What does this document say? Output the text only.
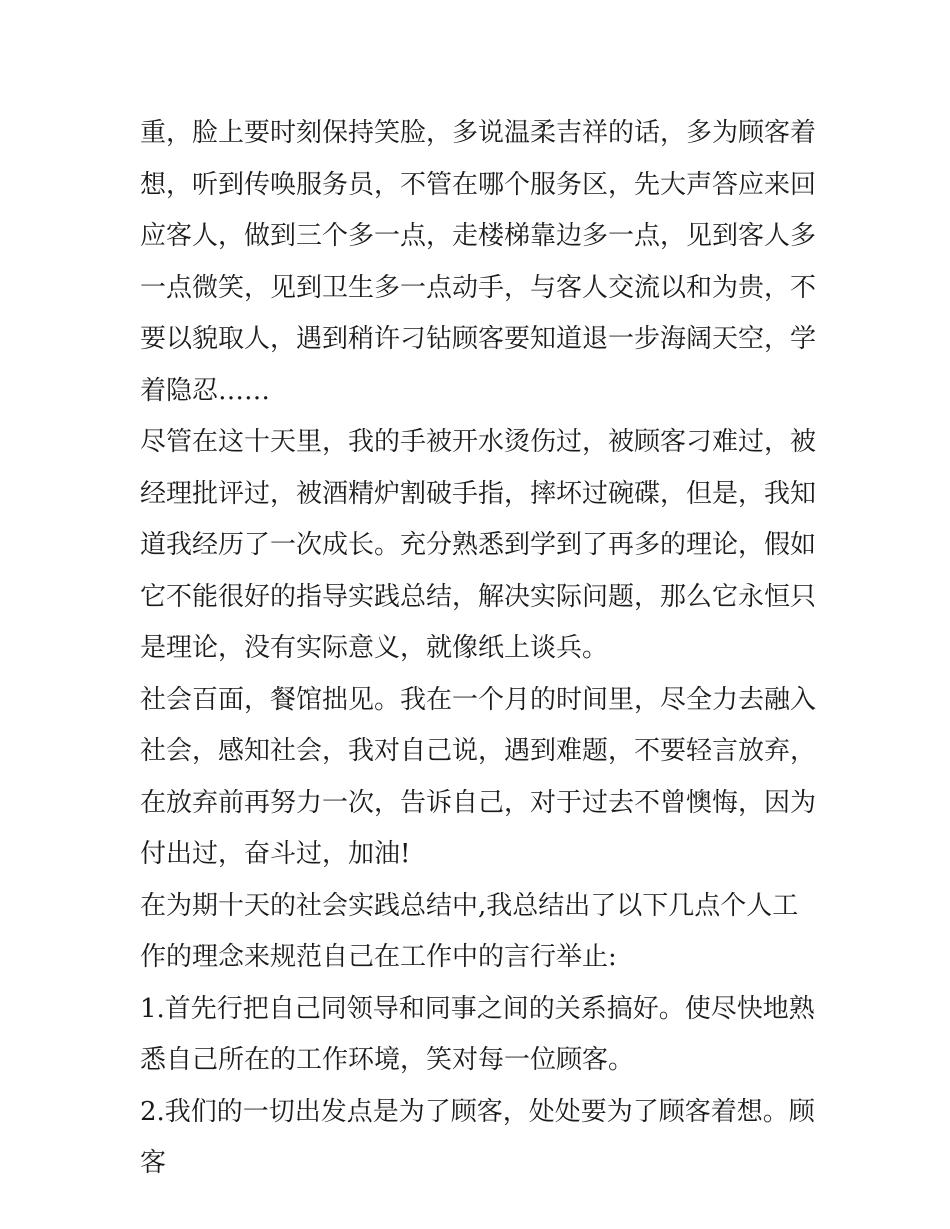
重，脸上要时刻保持笑脸，多说温柔吉祥的话，多为顾客着想，听到传唤服务员，不管在哪个服务区，先大声答应来回应客人，做到三个多一点，走楼梯靠边多一点，见到客人多一点微笑，见到卫生多一点动手，与客人交流以和为贵，不要以貌取人，遇到稍许刁钻顾客要知道退一步海阔天空，学着隐忍……

尽管在这十天里，我的手被开水烫伤过，被顾客刁难过，被经理批评过，被酒精炉割破手指，摔坏过碗碟，但是，我知道我经历了一次成长。充分熟悉到学到了再多的理论，假如它不能很好的指导实践总结，解决实际问题，那么它永恒只是理论，没有实际意义，就像纸上谈兵。

社会百面，餐馆拙见。我在一个月的时间里，尽全力去融入社会，感知社会，我对自己说，遇到难题，不要轻言放弃，在放弃前再努力一次，告诉自己，对于过去不曾懊悔，因为付出过，奋斗过，加油!

在为期十天的社会实践总结中,我总结出了以下几点个人工作的理念来规范自己在工作中的言行举止:

1.首先行把自己同领导和同事之间的关系搞好。使尽快地熟悉自己所在的工作环境，笑对每一位顾客。

2.我们的一切出发点是为了顾客，处处要为了顾客着想。顾客
